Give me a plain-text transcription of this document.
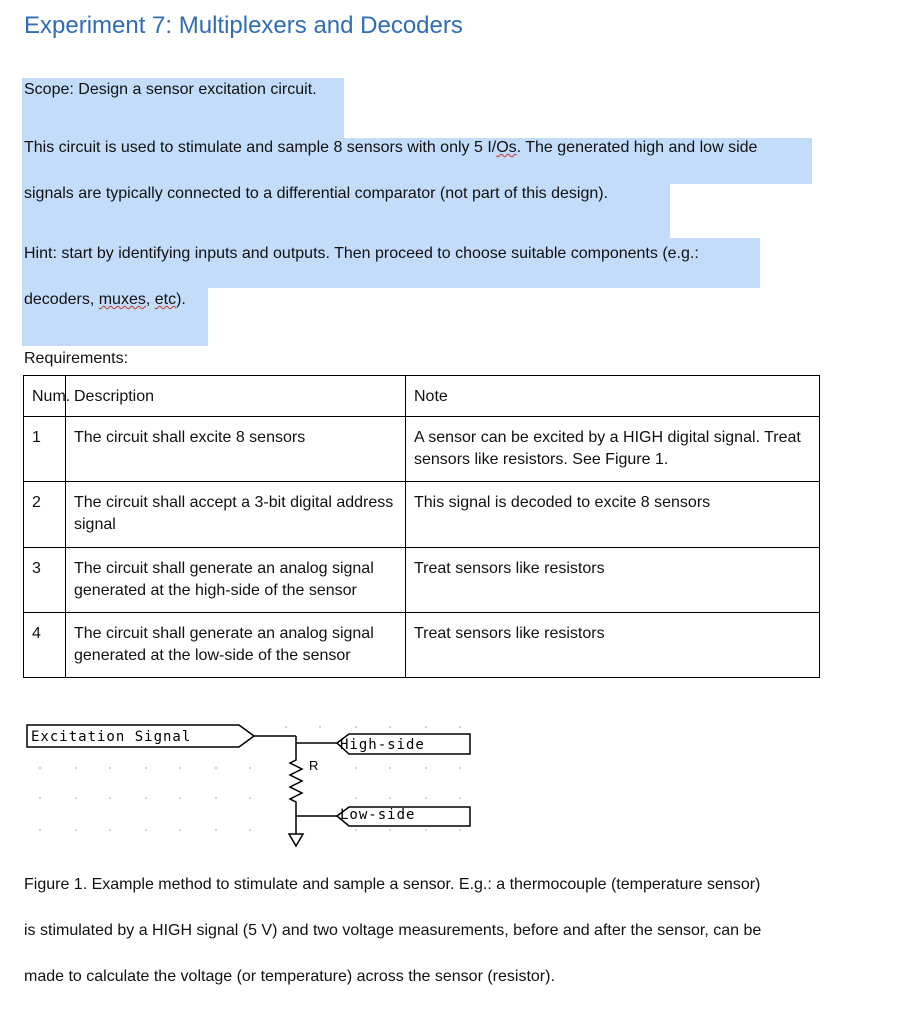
Experiment 7: Multiplexers and Decoders
Scope: Design a sensor excitation circuit.
This circuit is used to stimulate and sample 8 sensors with only 5 I/Os. The generated high and low side
signals are typically connected to a differential comparator (not part of this design).
Hint: start by identifying inputs and outputs. Then proceed to choose suitable components (e.g.:
decoders, muxes, etc).
Requirements:
Num.	Description	Note
1	The circuit shall excite 8 sensors	A sensor can be excited by a HIGH digital signal. Treat sensors like resistors. See Figure 1.
2	The circuit shall accept a 3-bit digital address signal	This signal is decoded to excite 8 sensors
3	The circuit shall generate an analog signal generated at the high-side of the sensor	Treat sensors like resistors
4	The circuit shall generate an analog signal generated at the low-side of the sensor	Treat sensors like resistors
Excitation Signal	High-side
Low-side
R
Figure 1. Example method to stimulate and sample a sensor. E.g.: a thermocouple (temperature sensor)
is stimulated by a HIGH signal (5 V) and two voltage measurements, before and after the sensor, can be
made to calculate the voltage (or temperature) across the sensor (resistor).
